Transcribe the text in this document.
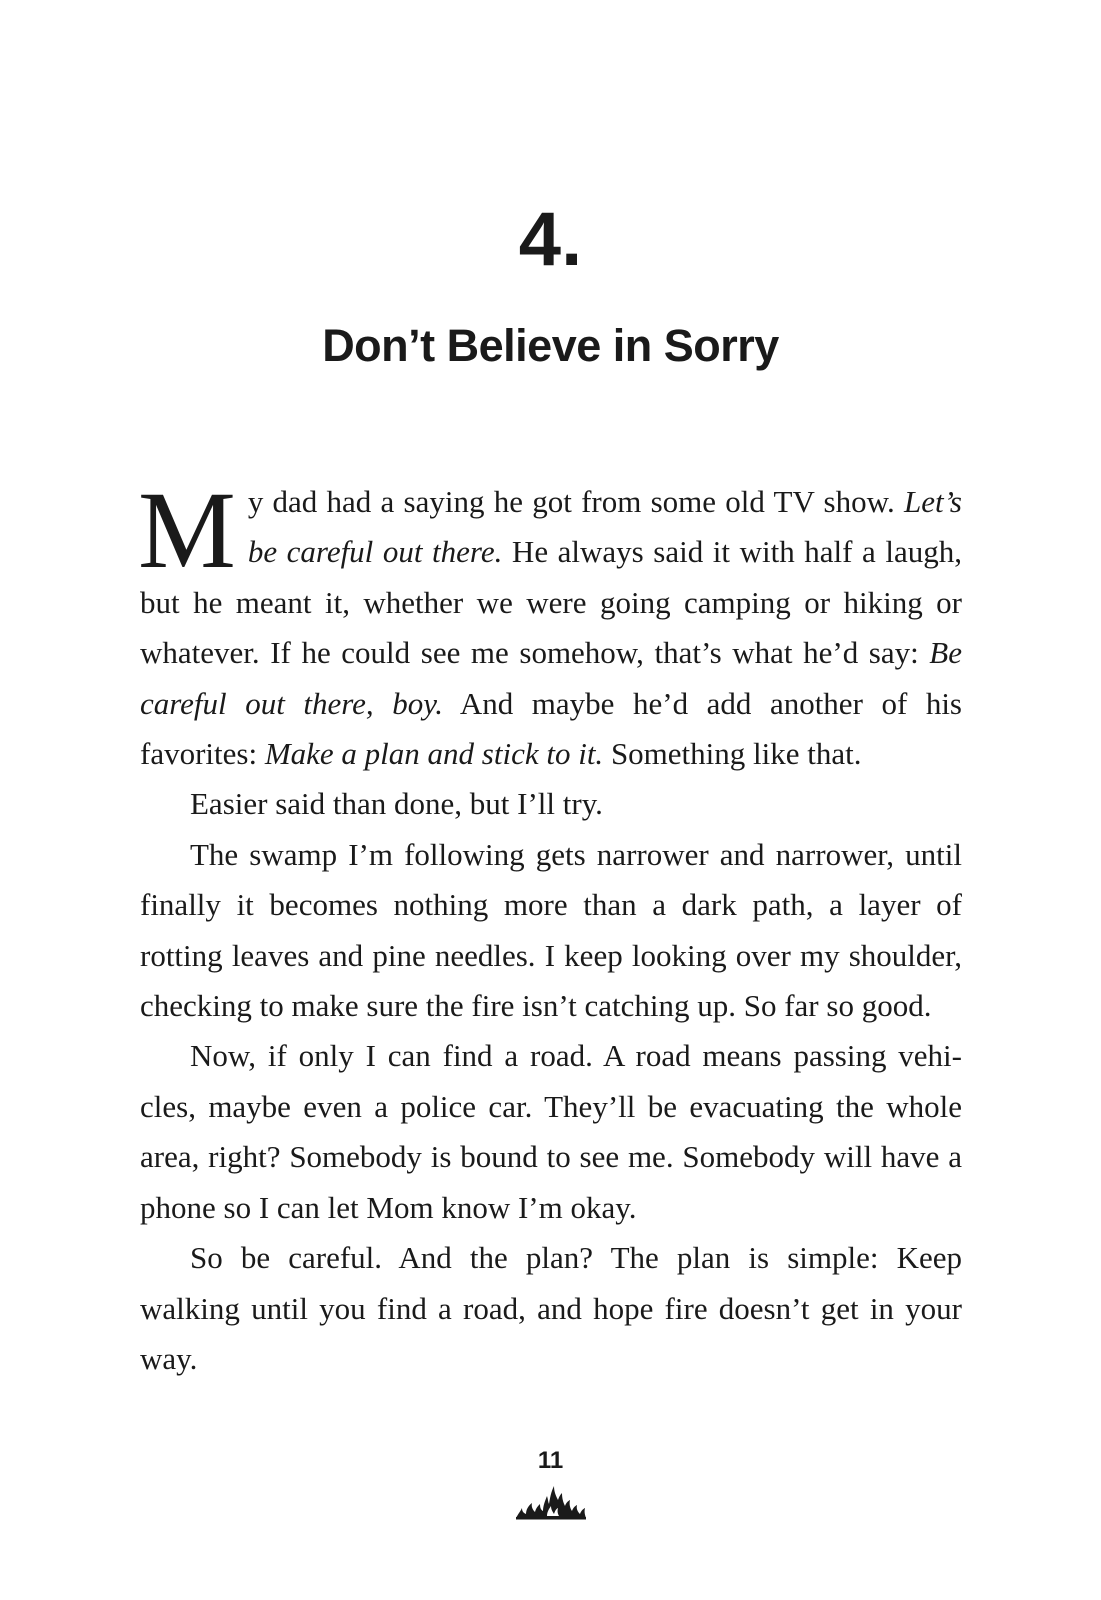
4.
Don’t Believe in Sorry

My dad had a saying he got from some old TV show. Let’s be careful out there. He always said it with half a laugh, but he meant it, whether we were going camping or hiking or whatever. If he could see me somehow, that’s what he’d say: Be careful out there, boy. And maybe he’d add another of his favorites: Make a plan and stick to it. Something like that.

Easier said than done, but I’ll try.

The swamp I’m following gets narrower and narrower, until finally it becomes nothing more than a dark path, a layer of rotting leaves and pine needles. I keep looking over my shoulder, checking to make sure the fire isn’t catching up. So far so good.

Now, if only I can find a road. A road means passing vehi-cles, maybe even a police car. They’ll be evacuating the whole area, right? Somebody is bound to see me. Somebody will have a phone so I can let Mom know I’m okay.

So be careful. And the plan? The plan is simple: Keep walking until you find a road, and hope fire doesn’t get in your way.

11
